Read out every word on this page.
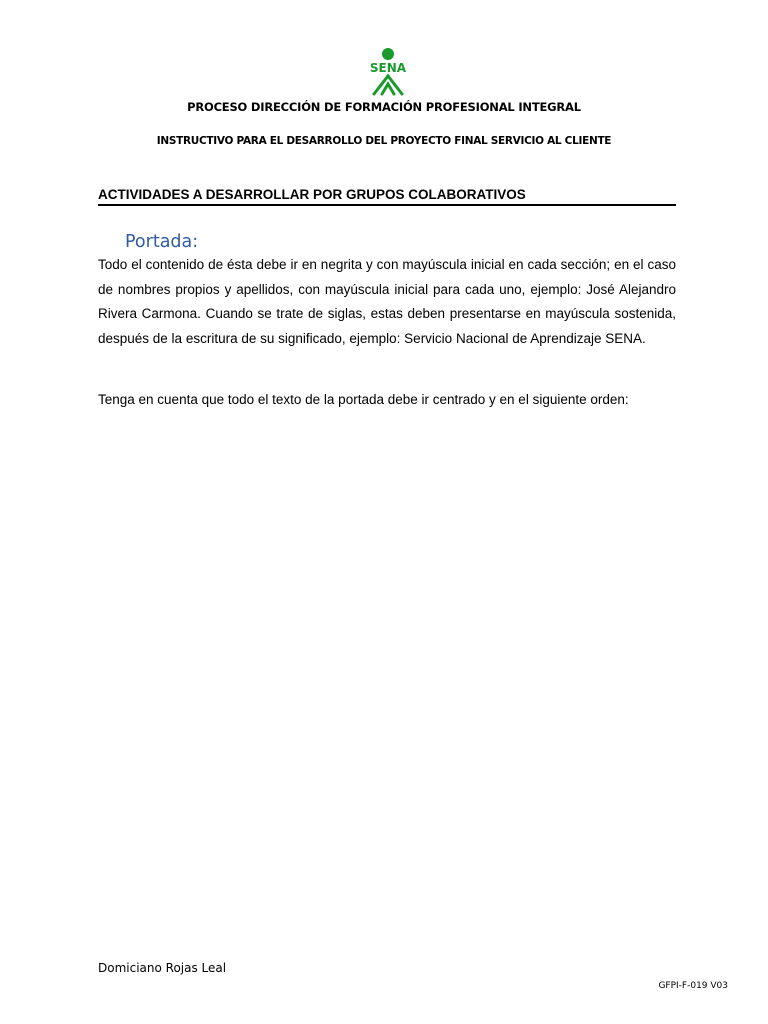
SENA
PROCESO DIRECCIÓN DE FORMACIÓN PROFESIONAL INTEGRAL
INSTRUCTIVO PARA EL DESARROLLO DEL PROYECTO FINAL SERVICIO AL CLIENTE
ACTIVIDADES A DESARROLLAR POR GRUPOS COLABORATIVOS
Portada:

Todo el contenido de ésta debe ir en negrita y con mayúscula inicial en cada sección; en el caso de nombres propios y apellidos, con mayúscula inicial para cada uno, ejemplo: José Alejandro Rivera Carmona. Cuando se trate de siglas, estas deben presentarse en mayúscula sostenida, después de la escritura de su significado, ejemplo: Servicio Nacional de Aprendizaje SENA.

Tenga en cuenta que todo el texto de la portada debe ir centrado y en el siguiente orden:

Domiciano Rojas Leal
GFPI-F-019 V03
